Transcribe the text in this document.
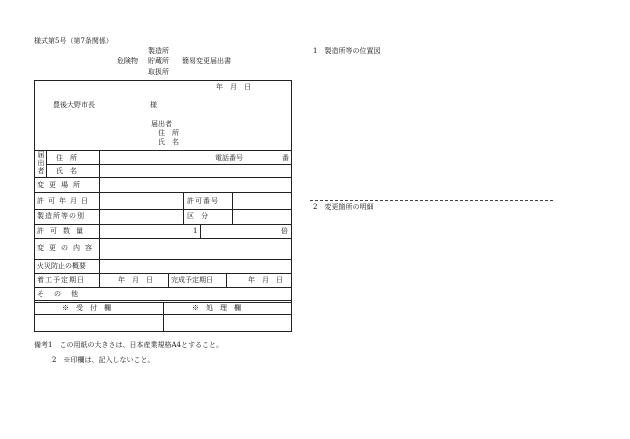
様式第5号（第7条関係）
製造所
危険物 貯蔵所 簡易変更届出書
取扱所
年　月　日
豊後大野市長	様
届出者
住　所
氏　名
届出者
住　所	電話番号	番
氏　名
変更場所
許可年月日	許可番号
製造所等の別	区　分
許可数量	1	倍
変更の内容
火災防止の概要
着工予定期日	年　月　日	完成予定期日	年　月　日
その他
※　受　付　欄	※　処　理　欄
備考1　この用紙の大きさは、日本産業規格A4とすること。
2　※印欄は、記入しないこと。
1　製造所等の位置図
2　変更箇所の明細
